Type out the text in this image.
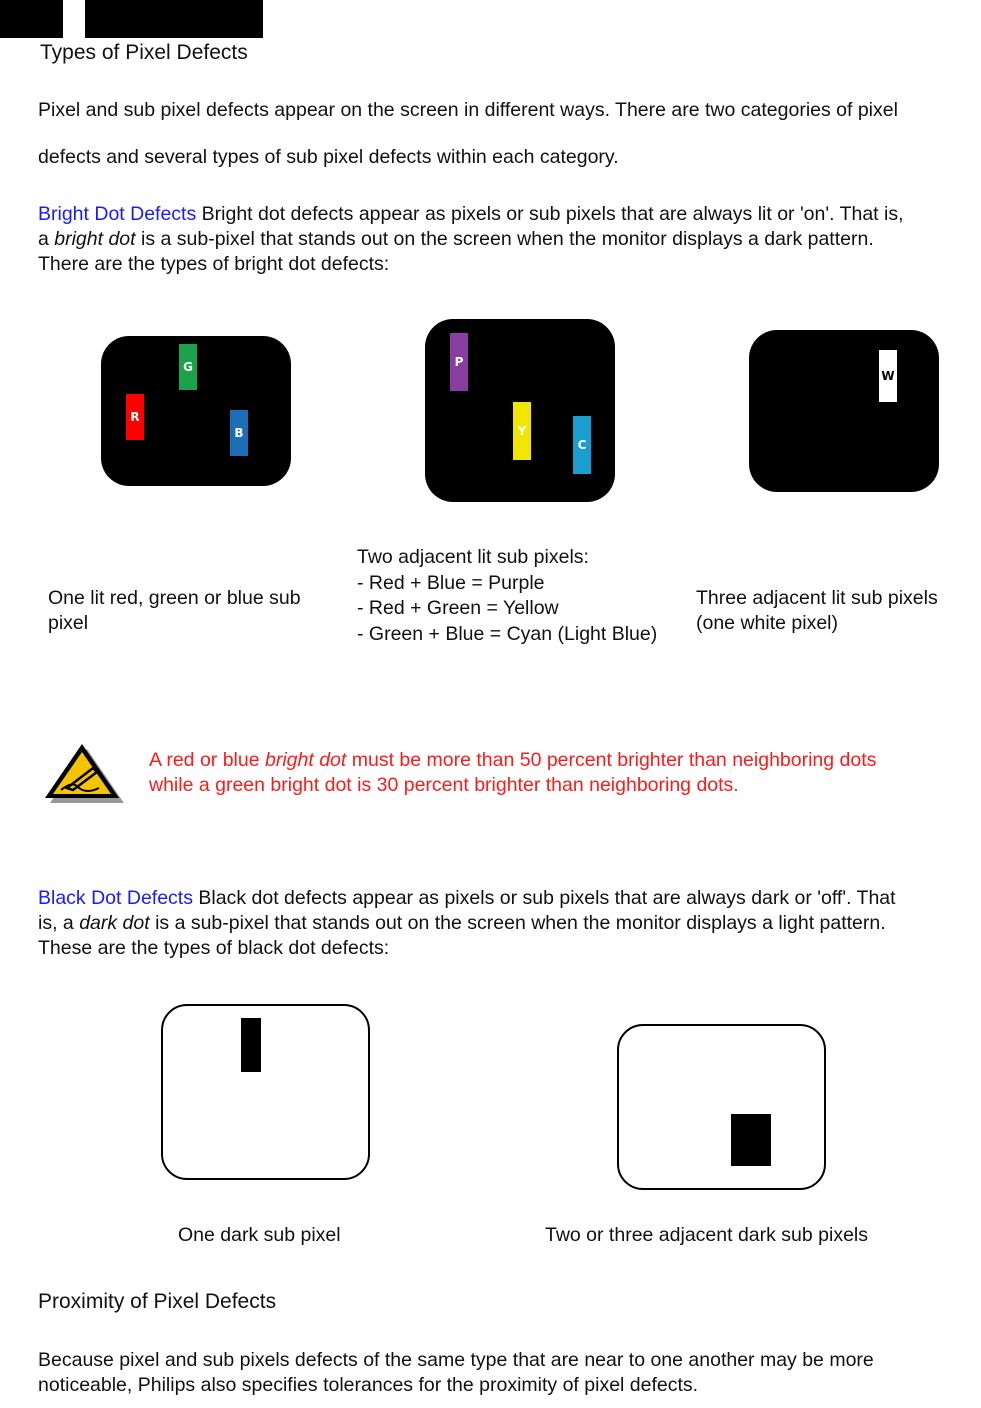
Types of Pixel Defects
Pixel and sub pixel defects appear on the screen in different ways. There are two categories of pixel
defects and several types of sub pixel defects within each category.
Bright Dot Defects Bright dot defects appear as pixels or sub pixels that are always lit or 'on'. That is,
a bright dot is a sub-pixel that stands out on the screen when the monitor displays a dark pattern.
There are the types of bright dot defects:
G
R
B
P
Y
C
W
One lit red, green or blue sub
pixel
Two adjacent lit sub pixels:
- Red + Blue = Purple
- Red + Green = Yellow
- Green + Blue = Cyan (Light Blue)
Three adjacent lit sub pixels
(one white pixel)
A red or blue bright dot must be more than 50 percent brighter than neighboring dots
while a green bright dot is 30 percent brighter than neighboring dots.
Black Dot Defects Black dot defects appear as pixels or sub pixels that are always dark or 'off'. That
is, a dark dot is a sub-pixel that stands out on the screen when the monitor displays a light pattern.
These are the types of black dot defects:
One dark sub pixel	Two or three adjacent dark sub pixels
Proximity of Pixel Defects
Because pixel and sub pixels defects of the same type that are near to one another may be more
noticeable, Philips also specifies tolerances for the proximity of pixel defects.
